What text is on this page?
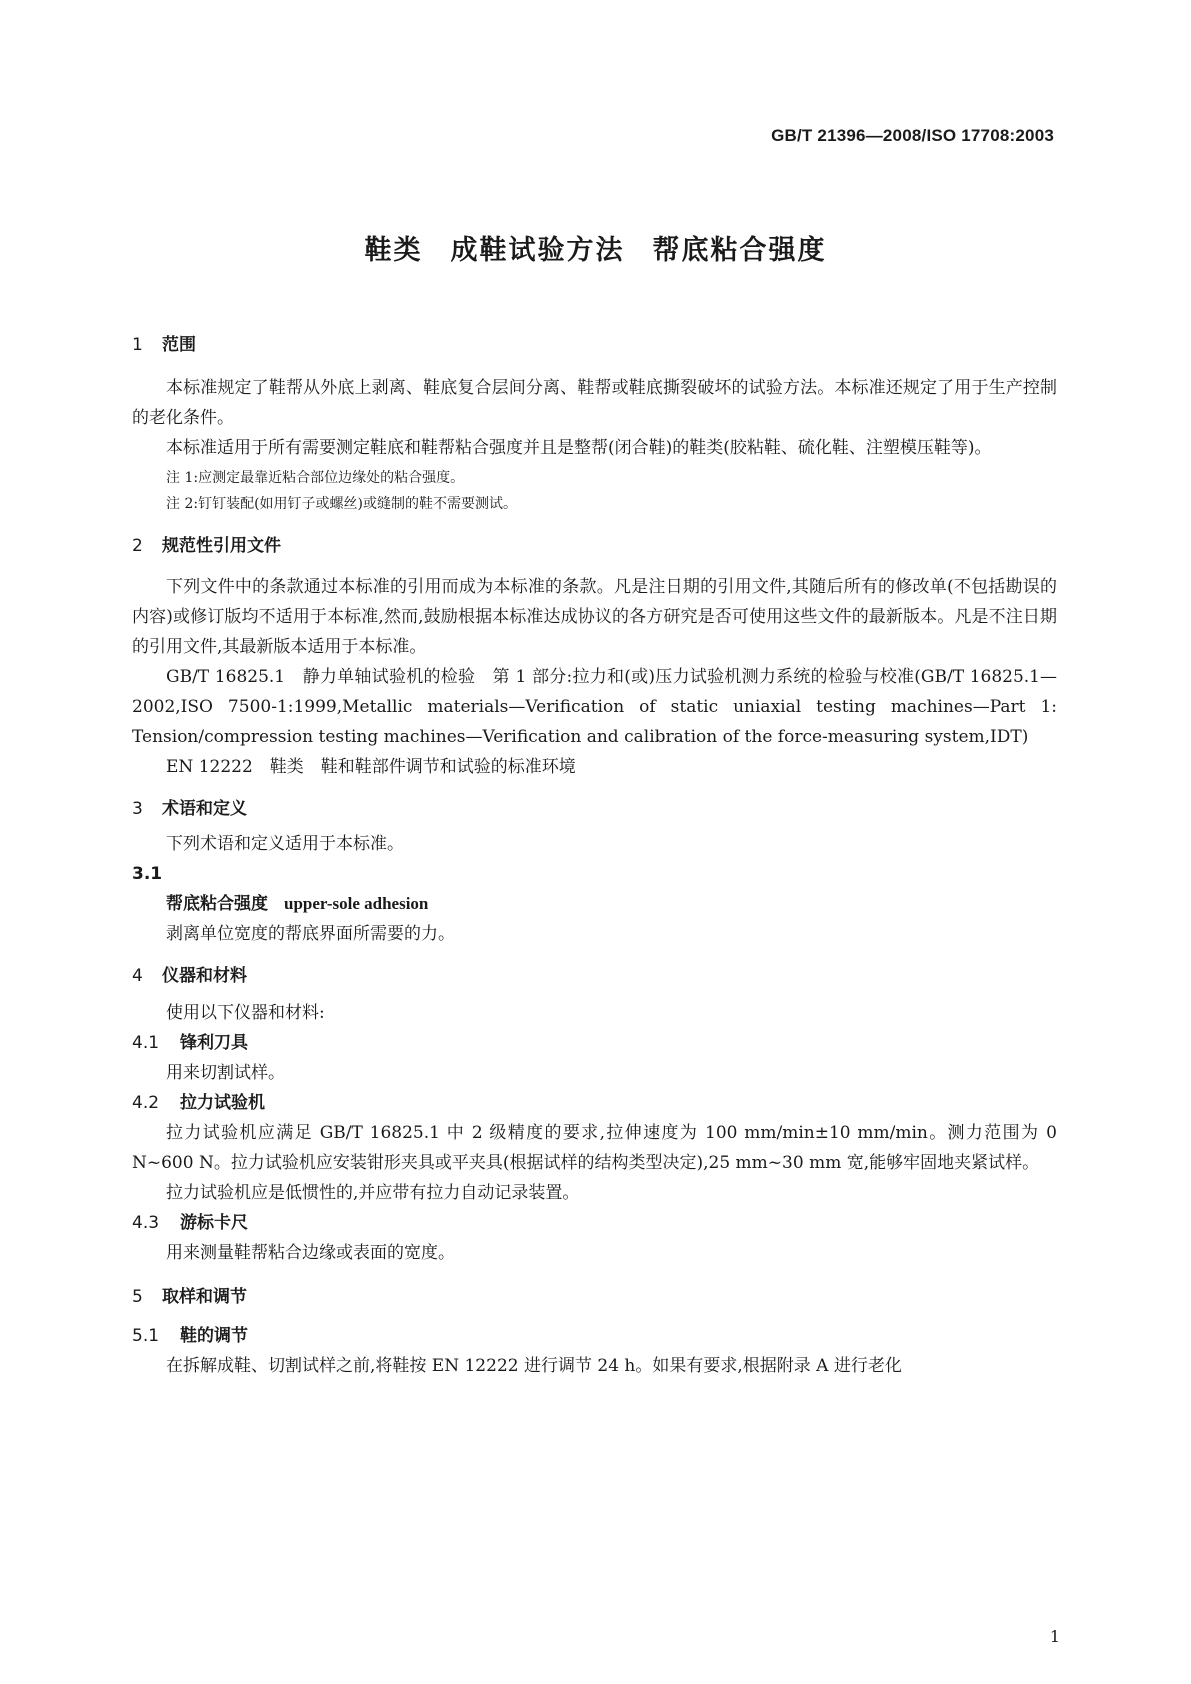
GB/T 21396—2008/ISO 17708:2003
鞋类 成鞋试验方法 帮底粘合强度
1 范围

本标准规定了鞋帮从外底上剥离、鞋底复合层间分离、鞋帮或鞋底撕裂破坏的试验方法。本标准还规定了用于生产控制的老化条件。

本标准适用于所有需要测定鞋底和鞋帮粘合强度并且是整帮(闭合鞋)的鞋类(胶粘鞋、硫化鞋、注塑模压鞋等)。

注 1:应测定最靠近粘合部位边缘处的粘合强度。

注 2:钉钉装配(如用钉子或螺丝)或缝制的鞋不需要测试。

2 规范性引用文件

下列文件中的条款通过本标准的引用而成为本标准的条款。凡是注日期的引用文件,其随后所有的修改单(不包括勘误的内容)或修订版均不适用于本标准,然而,鼓励根据本标准达成协议的各方研究是否可使用这些文件的最新版本。凡是不注日期的引用文件,其最新版本适用于本标准。

GB/T 16825.1　静力单轴试验机的检验　第 1 部分:拉力和(或)压力试验机测力系统的检验与校准(GB/T 16825.1—2002,ISO 7500-1:1999,Metallic materials—Verification of static uniaxial testing machines—Part 1: Tension/compression testing machines—Verification and calibration of the force-measuring system,IDT)

EN 12222　鞋类　鞋和鞋部件调节和试验的标准环境

3 术语和定义

下列术语和定义适用于本标准。

3.1
帮底粘合强度 upper-sole adhesion

剥离单位宽度的帮底界面所需要的力。

4 仪器和材料

使用以下仪器和材料:

4.1 锋利刀具

用来切割试样。

4.2 拉力试验机

拉力试验机应满足 GB/T 16825.1 中 2 级精度的要求,拉伸速度为 100 mm/min±10 mm/min。测力范围为 0 N~600 N。拉力试验机应安装钳形夹具或平夹具(根据试样的结构类型决定),25 mm~30 mm 宽,能够牢固地夹紧试样。

拉力试验机应是低惯性的,并应带有拉力自动记录装置。

4.3 游标卡尺

用来测量鞋帮粘合边缘或表面的宽度。

5 取样和调节
5.1 鞋的调节

在拆解成鞋、切割试样之前,将鞋按 EN 12222 进行调节 24 h。如果有要求,根据附录 A 进行老化

1
